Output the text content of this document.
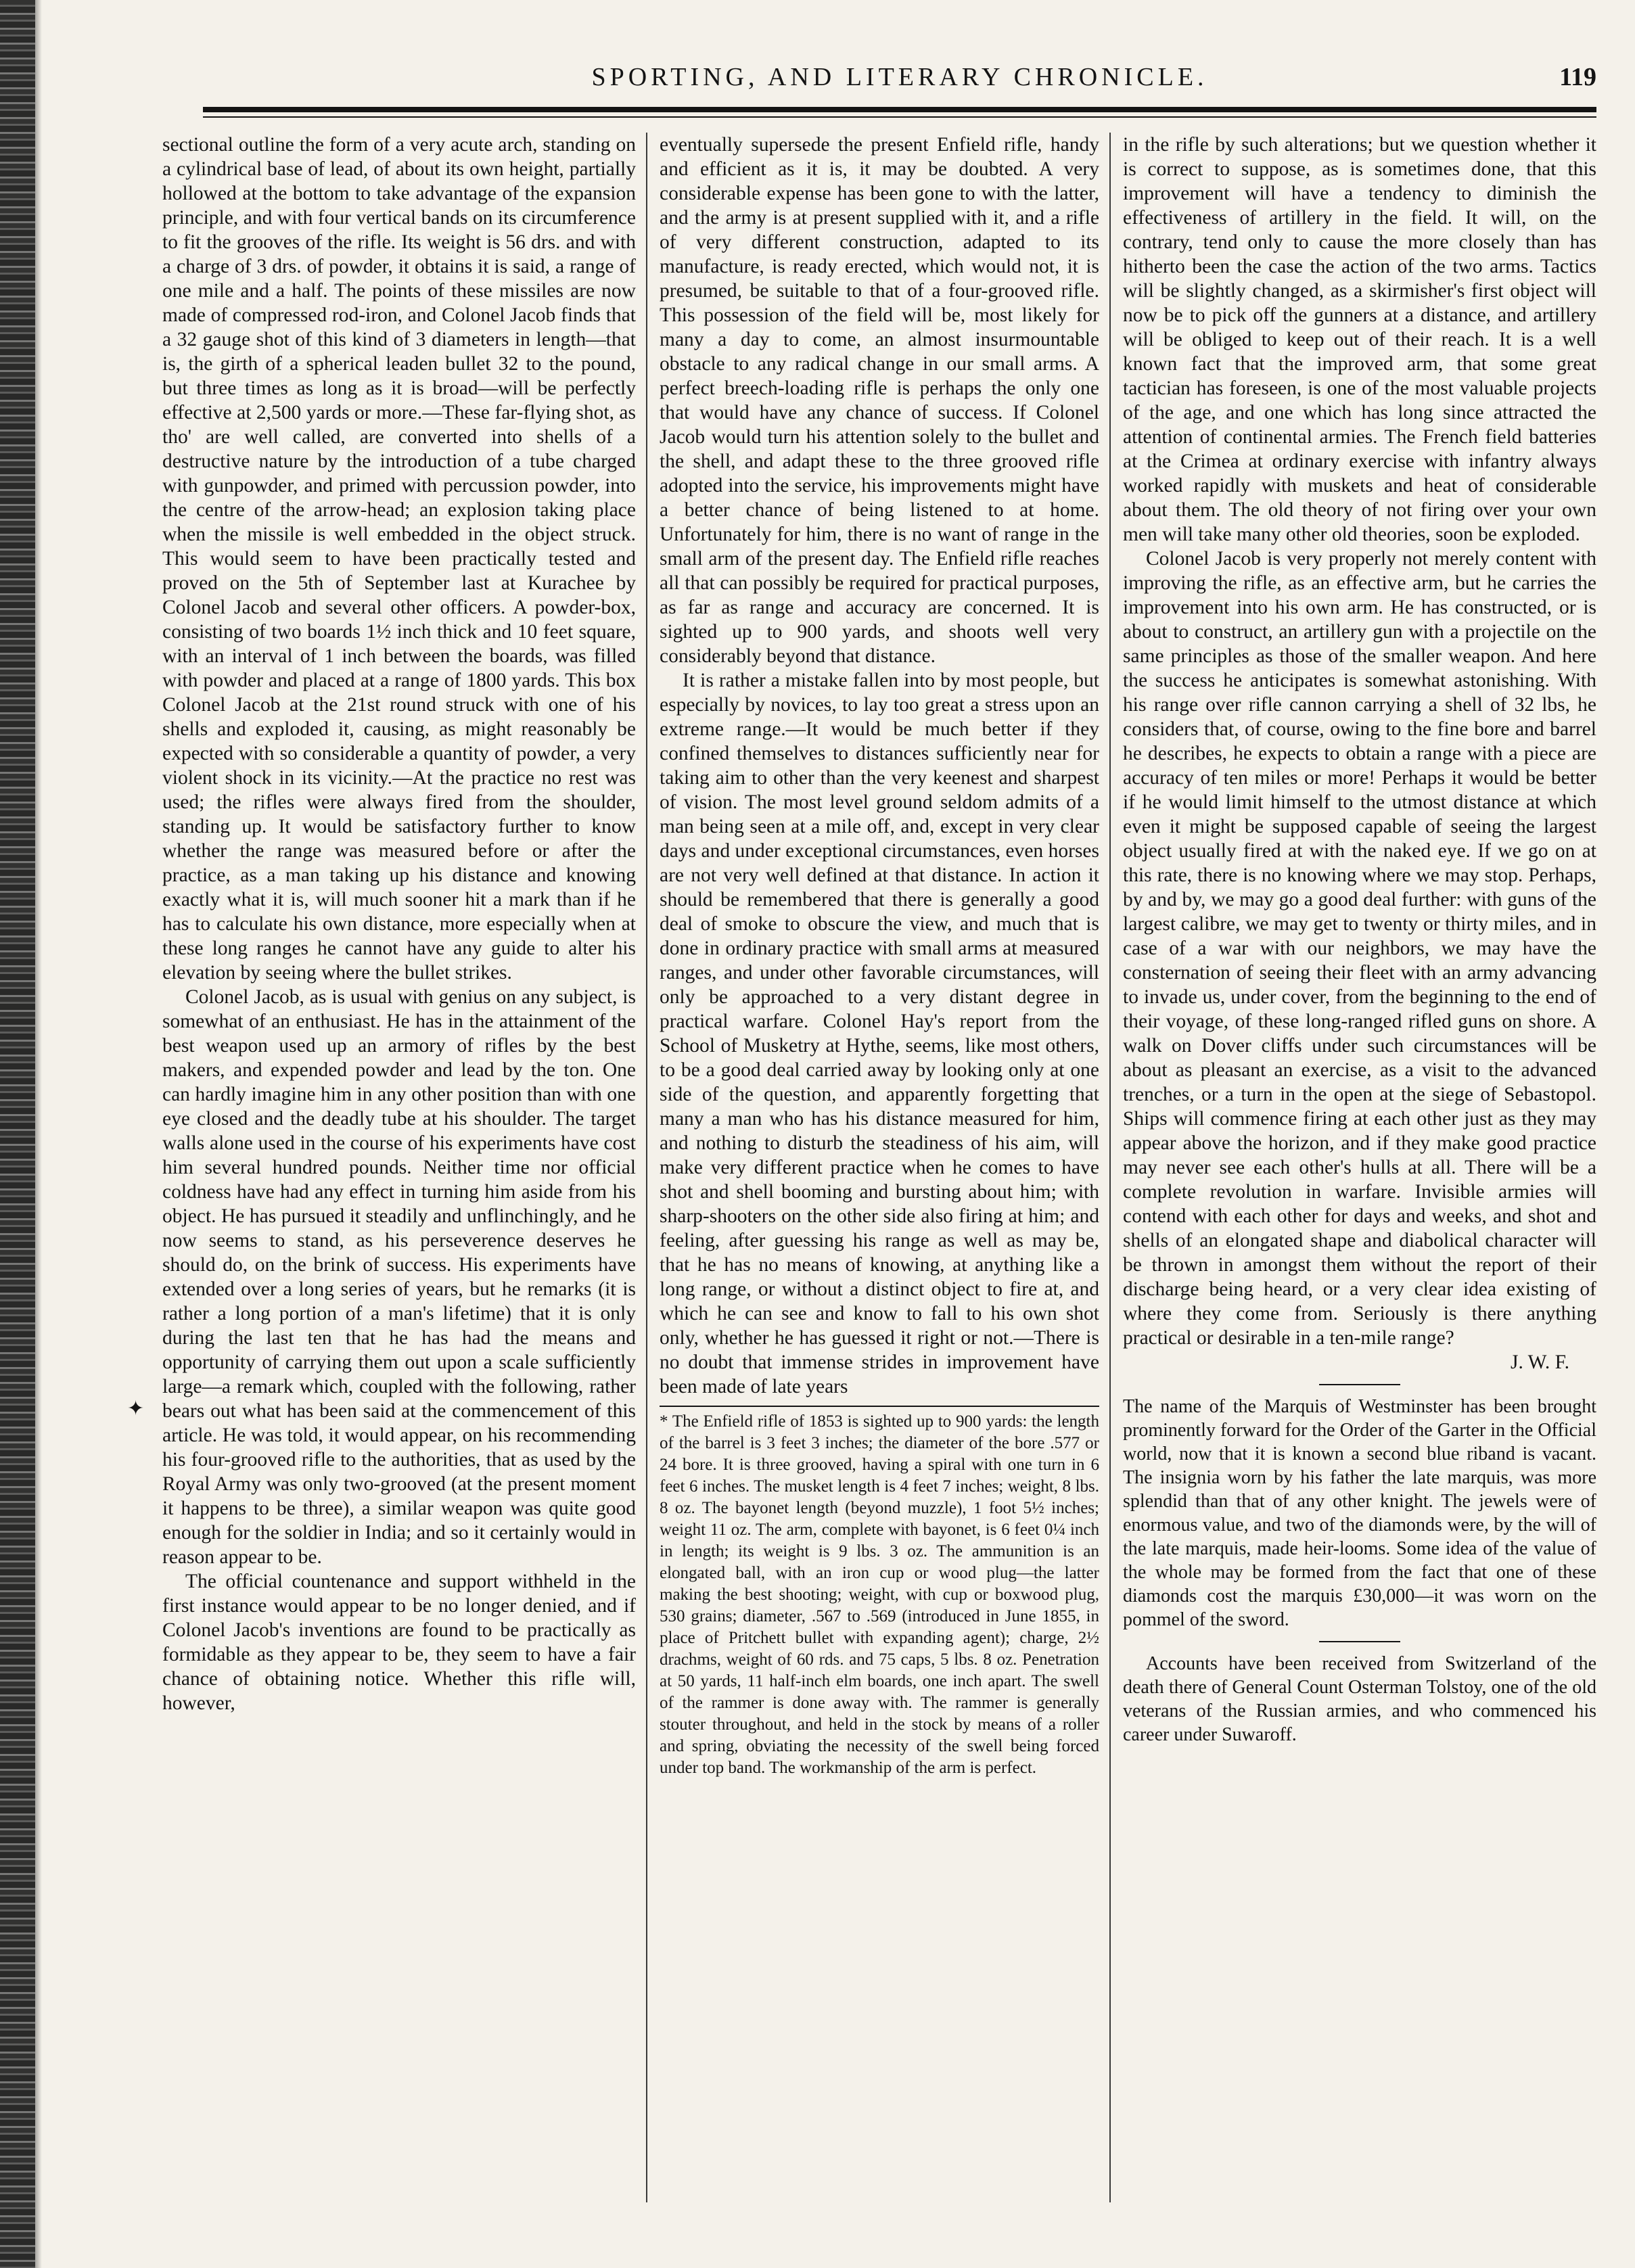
SPORTING, AND LITERARY CHRONICLE.	119

sectional outline the form of a very acute arch, standing on a cylindrical base of lead, of about its own height, partially hollowed at the bottom to take advantage of the expansion principle, and with four vertical bands on its circumference to fit the grooves of the rifle. Its weight is 56 drs. and with a charge of 3 drs. of powder, it obtains it is said, a range of one mile and a half. The points of these missiles are now made of compressed rod-iron, and Colonel Jacob finds that a 32 gauge shot of this kind of 3 diameters in length—that is, the girth of a spherical leaden bullet 32 to the pound, but three times as long as it is broad—will be perfectly effective at 2,500 yards or more.—These far-flying shot, as tho' are well called, are converted into shells of a destructive nature by the introduction of a tube charged with gunpowder, and primed with percussion powder, into the centre of the arrow-head; an explosion taking place when the missile is well embedded in the object struck. This would seem to have been practically tested and proved on the 5th of September last at Kurachee by Colonel Jacob and several other officers. A powder-box, consisting of two boards 1½ inch thick and 10 feet square, with an interval of 1 inch between the boards, was filled with powder and placed at a range of 1800 yards. This box Colonel Jacob at the 21st round struck with one of his shells and exploded it, causing, as might reasonably be expected with so considerable a quantity of powder, a very violent shock in its vicinity.—At the practice no rest was used; the rifles were always fired from the shoulder, standing up. It would be satisfactory further to know whether the range was measured before or after the practice, as a man taking up his distance and knowing exactly what it is, will much sooner hit a mark than if he has to calculate his own distance, more especially when at these long ranges he cannot have any guide to alter his elevation by seeing where the bullet strikes.

Colonel Jacob, as is usual with genius on any subject, is somewhat of an enthusiast. He has in the attainment of the best weapon used up an armory of rifles by the best makers, and expended powder and lead by the ton. One can hardly imagine him in any other position than with one eye closed and the deadly tube at his shoulder. The target walls alone used in the course of his experiments have cost him several hundred pounds. Neither time nor official coldness have had any effect in turning him aside from his object. He has pursued it steadily and unflinchingly, and he now seems to stand, as his perseverence deserves he should do, on the brink of success. His experiments have extended over a long series of years, but he remarks (it is rather a long portion of a man's lifetime) that it is only during the last ten that he has had the means and opportunity of carrying them out upon a scale sufficiently large—a remark which, coupled with the following, rather bears out what has been said at the commencement of this article. He was told, it would appear, on his recommending his four-grooved rifle to the authorities, that as used by the Royal Army was only two-grooved (at the present moment it happens to be three), a similar weapon was quite good enough for the soldier in India; and so it certainly would in reason appear to be.

The official countenance and support withheld in the first instance would appear to be no longer denied, and if Colonel Jacob's inventions are found to be practically as formidable as they appear to be, they seem to have a fair chance of obtaining notice. Whether this rifle will, however,

eventually supersede the present Enfield rifle, handy and efficient as it is, it may be doubted. A very considerable expense has been gone to with the latter, and the army is at present supplied with it, and a rifle of very different construction, adapted to its manufacture, is ready erected, which would not, it is presumed, be suitable to that of a four-grooved rifle. This possession of the field will be, most likely for many a day to come, an almost insurmountable obstacle to any radical change in our small arms. A perfect breech-loading rifle is perhaps the only one that would have any chance of success. If Colonel Jacob would turn his attention solely to the bullet and the shell, and adapt these to the three grooved rifle adopted into the service, his improvements might have a better chance of being listened to at home. Unfortunately for him, there is no want of range in the small arm of the present day. The Enfield rifle reaches all that can possibly be required for practical purposes, as far as range and accuracy are concerned. It is sighted up to 900 yards, and shoots well very considerably beyond that distance.

It is rather a mistake fallen into by most people, but especially by novices, to lay too great a stress upon an extreme range.—It would be much better if they confined themselves to distances sufficiently near for taking aim to other than the very keenest and sharpest of vision. The most level ground seldom admits of a man being seen at a mile off, and, except in very clear days and under exceptional circumstances, even horses are not very well defined at that distance. In action it should be remembered that there is generally a good deal of smoke to obscure the view, and much that is done in ordinary practice with small arms at measured ranges, and under other favorable circumstances, will only be approached to a very distant degree in practical warfare. Colonel Hay's report from the School of Musketry at Hythe, seems, like most others, to be a good deal carried away by looking only at one side of the question, and apparently forgetting that many a man who has his distance measured for him, and nothing to disturb the steadiness of his aim, will make very different practice when he comes to have shot and shell booming and bursting about him; with sharp-shooters on the other side also firing at him; and feeling, after guessing his range as well as may be, that he has no means of knowing, at anything like a long range, or without a distinct object to fire at, and which he can see and know to fall to his own shot only, whether he has guessed it right or not.—There is no doubt that immense strides in improvement have been made of late years

* The Enfield rifle of 1853 is sighted up to 900 yards: the length of the barrel is 3 feet 3 inches; the diameter of the bore .577 or 24 bore. It is three grooved, having a spiral with one turn in 6 feet 6 inches. The musket length is 4 feet 7 inches; weight, 8 lbs. 8 oz. The bayonet length (beyond muzzle), 1 foot 5½ inches; weight 11 oz. The arm, complete with bayonet, is 6 feet 0¼ inch in length; its weight is 9 lbs. 3 oz. The ammunition is an elongated ball, with an iron cup or wood plug—the latter making the best shooting; weight, with cup or boxwood plug, 530 grains; diameter, .567 to .569 (introduced in June 1855, in place of Pritchett bullet with expanding agent); charge, 2½ drachms, weight of 60 rds. and 75 caps, 5 lbs. 8 oz. Penetration at 50 yards, 11 half-inch elm boards, one inch apart. The swell of the rammer is done away with. The rammer is generally stouter throughout, and held in the stock by means of a roller and spring, obviating the necessity of the swell being forced under top band. The workmanship of the arm is perfect.

in the rifle by such alterations; but we question whether it is correct to suppose, as is sometimes done, that this improvement will have a tendency to diminish the effectiveness of artillery in the field. It will, on the contrary, tend only to cause the more closely than has hitherto been the case the action of the two arms. Tactics will be slightly changed, as a skirmisher's first object will now be to pick off the gunners at a distance, and artillery will be obliged to keep out of their reach. It is a well known fact that the improved arm, that some great tactician has foreseen, is one of the most valuable projects of the age, and one which has long since attracted the attention of continental armies. The French field batteries at the Crimea at ordinary exercise with infantry always worked rapidly with muskets and heat of considerable about them. The old theory of not firing over your own men will take many other old theories, soon be exploded.

Colonel Jacob is very properly not merely content with improving the rifle, as an effective arm, but he carries the improvement into his own arm. He has constructed, or is about to construct, an artillery gun with a projectile on the same principles as those of the smaller weapon. And here the success he anticipates is somewhat astonishing. With his range over rifle cannon carrying a shell of 32 lbs, he considers that, of course, owing to the fine bore and barrel he describes, he expects to obtain a range with a piece are accuracy of ten miles or more! Perhaps it would be better if he would limit himself to the utmost distance at which even it might be supposed capable of seeing the largest object usually fired at with the naked eye. If we go on at this rate, there is no knowing where we may stop. Perhaps, by and by, we may go a good deal further: with guns of the largest calibre, we may get to twenty or thirty miles, and in case of a war with our neighbors, we may have the consternation of seeing their fleet with an army advancing to invade us, under cover, from the beginning to the end of their voyage, of these long-ranged rifled guns on shore. A walk on Dover cliffs under such circumstances will be about as pleasant an exercise, as a visit to the advanced trenches, or a turn in the open at the siege of Sebastopol. Ships will commence firing at each other just as they may appear above the horizon, and if they make good practice may never see each other's hulls at all. There will be a complete revolution in warfare. Invisible armies will contend with each other for days and weeks, and shot and shells of an elongated shape and diabolical character will be thrown in amongst them without the report of their discharge being heard, or a very clear idea existing of where they come from. Seriously is there anything practical or desirable in a ten-mile range?

J. W. F.

The name of the Marquis of Westminster has been brought prominently forward for the Order of the Garter in the Official world, now that it is known a second blue riband is vacant. The insignia worn by his father the late marquis, was more splendid than that of any other knight. The jewels were of enormous value, and two of the diamonds were, by the will of the late marquis, made heir-looms. Some idea of the value of the whole may be formed from the fact that one of these diamonds cost the marquis £30,000—it was worn on the pommel of the sword.

Accounts have been received from Switzerland of the death there of General Count Osterman Tolstoy, one of the old veterans of the Russian armies, and who commenced his career under Suwaroff.

✦
